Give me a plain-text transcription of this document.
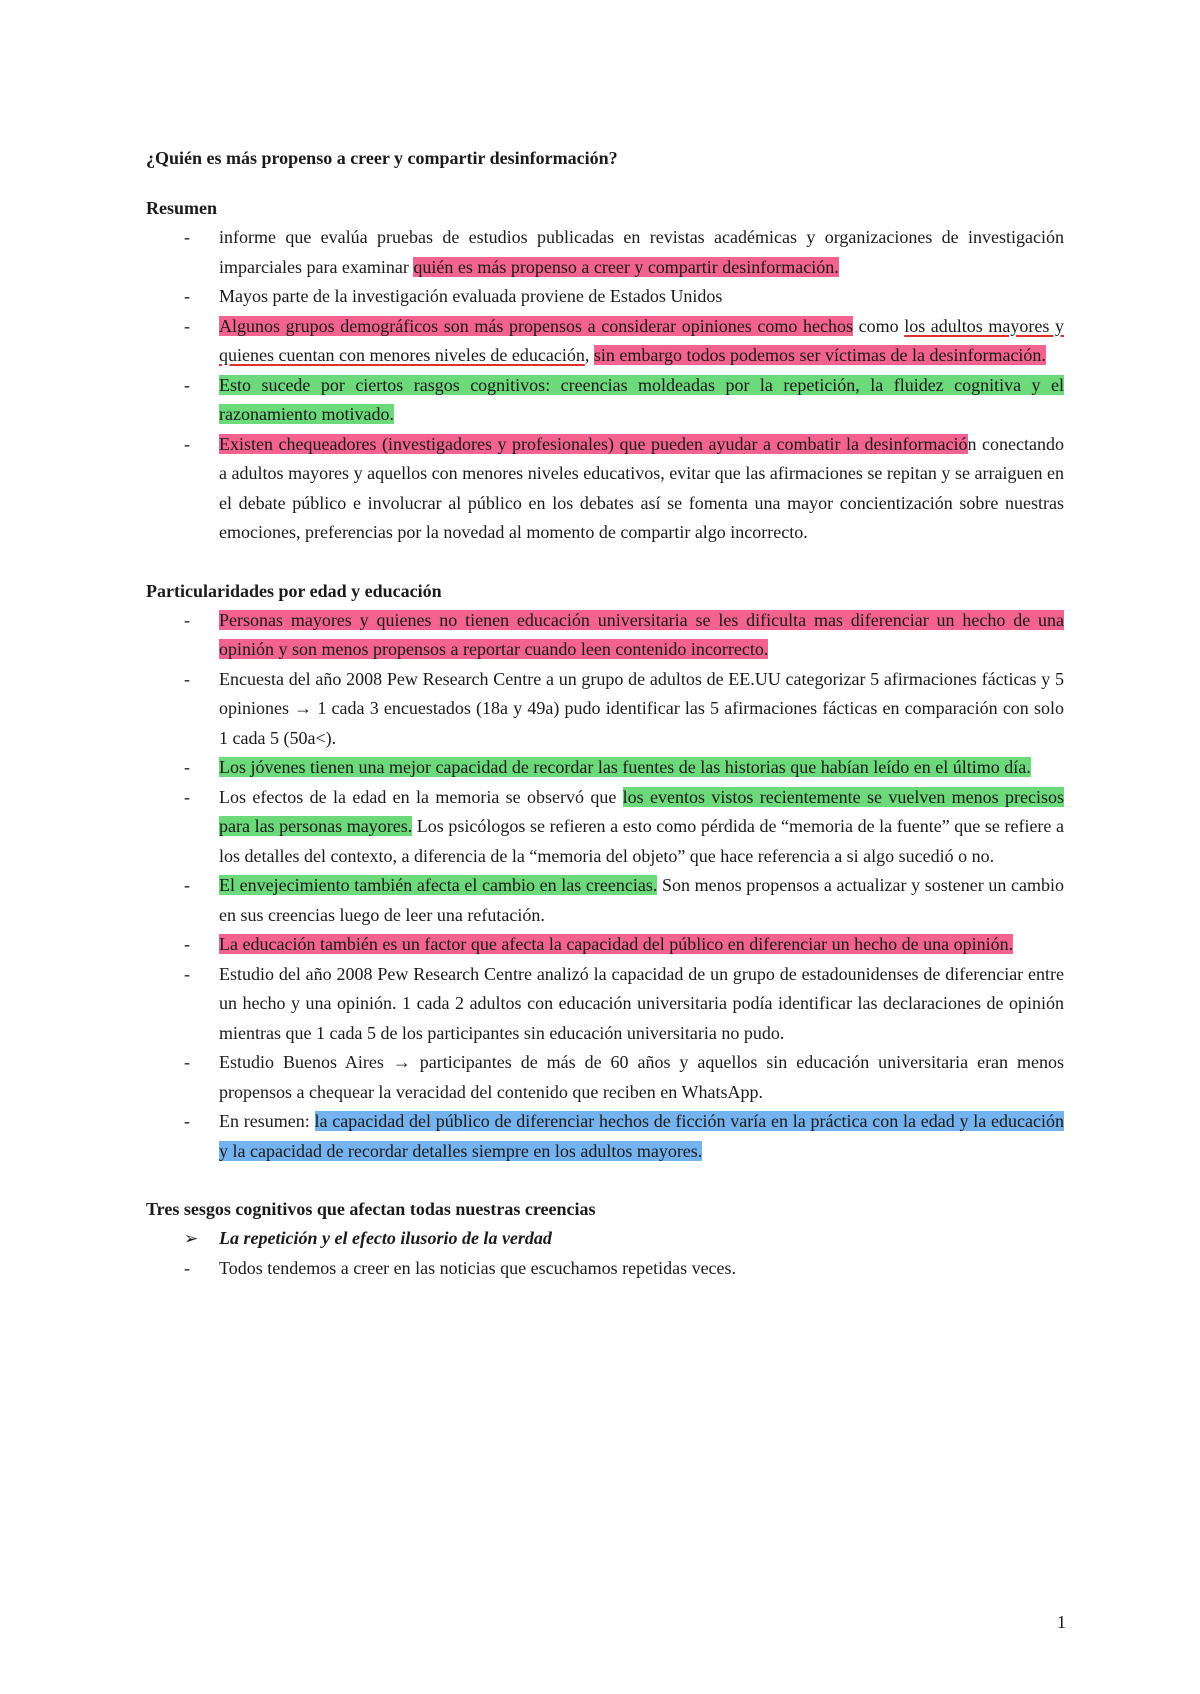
¿Quién es más propenso a creer y compartir desinformación?

Resumen

- informe que evalúa pruebas de estudios publicadas en revistas académicas y organizaciones de investigación imparciales para examinar quién es más propenso a creer y compartir desinformación.
- Mayos parte de la investigación evaluada proviene de Estados Unidos
- Algunos grupos demográficos son más propensos a considerar opiniones como hechos como los adultos mayores y quienes cuentan con menores niveles de educación, sin embargo todos podemos ser víctimas de la desinformación.
- Esto sucede por ciertos rasgos cognitivos: creencias moldeadas por la repetición, la fluidez cognitiva y el razonamiento motivado.
- Existen chequeadores (investigadores y profesionales) que pueden ayudar a combatir la desinformación conectando a adultos mayores y aquellos con menores niveles educativos, evitar que las afirmaciones se repitan y se arraiguen en el debate público e involucrar al público en los debates así se fomenta una mayor concientización sobre nuestras emociones, preferencias por la novedad al momento de compartir algo incorrecto.

Particularidades por edad y educación

- Personas mayores y quienes no tienen educación universitaria se les dificulta mas diferenciar un hecho de una opinión y son menos propensos a reportar cuando leen contenido incorrecto.
- Encuesta del año 2008 Pew Research Centre a un grupo de adultos de EE.UU categorizar 5 afirmaciones fácticas y 5 opiniones → 1 cada 3 encuestados (18a y 49a) pudo identificar las 5 afirmaciones fácticas en comparación con solo 1 cada 5 (50a<).
- Los jóvenes tienen una mejor capacidad de recordar las fuentes de las historias que habían leído en el último día.
- Los efectos de la edad en la memoria se observó que los eventos vistos recientemente se vuelven menos precisos para las personas mayores. Los psicólogos se refieren a esto como pérdida de “memoria de la fuente” que se refiere a los detalles del contexto, a diferencia de la “memoria del objeto” que hace referencia a si algo sucedió o no.
- El envejecimiento también afecta el cambio en las creencias. Son menos propensos a actualizar y sostener un cambio en sus creencias luego de leer una refutación.
- La educación también es un factor que afecta la capacidad del público en diferenciar un hecho de una opinión.
- Estudio del año 2008 Pew Research Centre analizó la capacidad de un grupo de estadounidenses de diferenciar entre un hecho y una opinión. 1 cada 2 adultos con educación universitaria podía identificar las declaraciones de opinión mientras que 1 cada 5 de los participantes sin educación universitaria no pudo.
- Estudio Buenos Aires → participantes de más de 60 años y aquellos sin educación universitaria eran menos propensos a chequear la veracidad del contenido que reciben en WhatsApp.
- En resumen: la capacidad del público de diferenciar hechos de ficción varía en la práctica con la edad y la educación y la capacidad de recordar detalles siempre en los adultos mayores.

Tres sesgos cognitivos que afectan todas nuestras creencias

➢ La repetición y el efecto ilusorio de la verdad

- Todos tendemos a creer en las noticias que escuchamos repetidas veces.
1
